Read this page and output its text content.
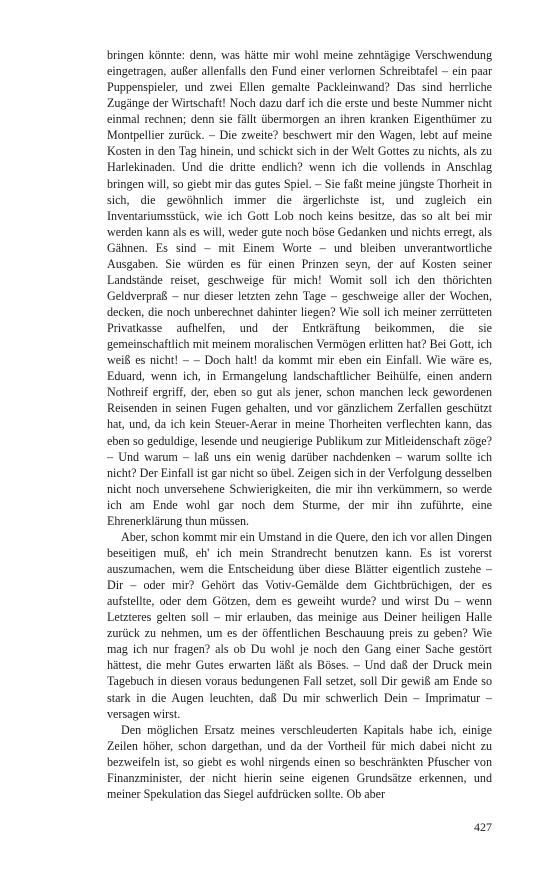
bringen könnte: denn, was hätte mir wohl meine zehntägige Verschwendung eingetragen, außer allenfalls den Fund einer verlornen Schreibtafel – ein paar Puppenspieler, und zwei Ellen gemalte Packleinwand? Das sind herrliche Zugänge der Wirtschaft! Noch dazu darf ich die erste und beste Nummer nicht einmal rechnen; denn sie fällt übermorgen an ihren kranken Eigenthümer zu Montpellier zurück. – Die zweite? beschwert mir den Wagen, lebt auf meine Kosten in den Tag hinein, und schickt sich in der Welt Gottes zu nichts, als zu Harlekinaden. Und die dritte endlich? wenn ich die vollends in Anschlag bringen will, so giebt mir das gutes Spiel. – Sie faßt meine jüngste Thorheit in sich, die gewöhnlich immer die ärgerlichste ist, und zugleich ein Inventariumsstück, wie ich Gott Lob noch keins besitze, das so alt bei mir werden kann als es will, weder gute noch böse Gedanken und nichts erregt, als Gähnen. Es sind – mit Einem Worte – und bleiben unverantwortliche Ausgaben. Sie würden es für einen Prinzen seyn, der auf Kosten seiner Landstände reiset, geschweige für mich! Womit soll ich den thörichten Geldverpraß – nur dieser letzten zehn Tage – geschweige aller der Wochen, decken, die noch unberechnet dahinter liegen? Wie soll ich meiner zerrütteten Privatkasse aufhelfen, und der Entkräftung beikommen, die sie gemeinschaftlich mit meinem moralischen Vermögen erlitten hat? Bei Gott, ich weiß es nicht! – – Doch halt! da kommt mir eben ein Einfall. Wie wäre es, Eduard, wenn ich, in Ermangelung landschaftlicher Beihülfe, einen andern Nothreif ergriff, der, eben so gut als jener, schon manchen leck gewordenen Reisenden in seinen Fugen gehalten, und vor gänzlichem Zerfallen geschützt hat, und, da ich kein Steuer-Aerar in meine Thorheiten verflechten kann, das eben so geduldige, lesende und neugierige Publikum zur Mitleidenschaft zöge? – Und warum – laß uns ein wenig darüber nachdenken – warum sollte ich nicht? Der Einfall ist gar nicht so übel. Zeigen sich in der Verfolgung desselben nicht noch unversehene Schwierigkeiten, die mir ihn verkümmern, so werde ich am Ende wohl gar noch dem Sturme, der mir ihn zuführte, eine Ehrenerklärung thun müssen.

Aber, schon kommt mir ein Umstand in die Quere, den ich vor allen Dingen beseitigen muß, eh' ich mein Strandrecht benutzen kann. Es ist vorerst auszumachen, wem die Entscheidung über diese Blätter eigentlich zustehe – Dir – oder mir? Gehört das Votiv-Gemälde dem Gichtbrüchigen, der es aufstellte, oder dem Götzen, dem es geweiht wurde? und wirst Du – wenn Letzteres gelten soll – mir erlauben, das meinige aus Deiner heiligen Halle zurück zu nehmen, um es der öffentlichen Beschauung preis zu geben? Wie mag ich nur fragen? als ob Du wohl je noch den Gang einer Sache gestört hättest, die mehr Gutes erwarten läßt als Böses. – Und daß der Druck mein Tagebuch in diesen voraus bedungenen Fall setzet, soll Dir gewiß am Ende so stark in die Augen leuchten, daß Du mir schwerlich Dein – Imprimatur – versagen wirst.

Den möglichen Ersatz meines verschleuderten Kapitals habe ich, einige Zeilen höher, schon dargethan, und da der Vortheil für mich dabei nicht zu bezweifeln ist, so giebt es wohl nirgends einen so beschränkten Pfuscher von Finanzminister, der nicht hierin seine eigenen Grundsätze erkennen, und meiner Spekulation das Siegel aufdrücken sollte. Ob aber

427
